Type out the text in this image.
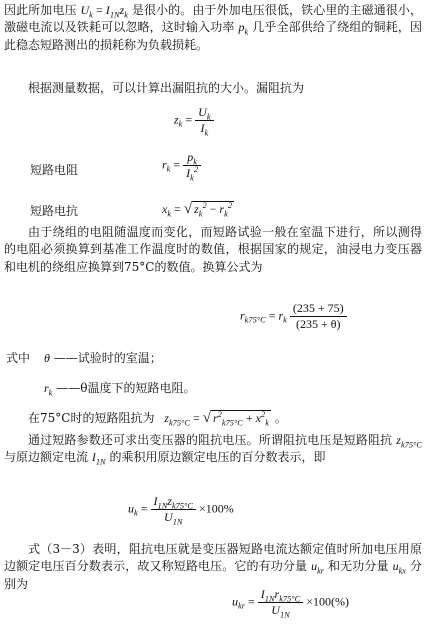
因此所加电压 $U_k = I_{1N}z_k$ 是很小的。由于外加电压很低，铁心里的主磁通很小，激磁电流以及铁耗可以忽略，这时输入功率 $p_k$ 几乎全部供给了绕组的铜耗，因此稳态短路测出的损耗称为负载损耗。

根据测量数据，可以计算出漏阻抗的大小。漏阻抗为

$z_k = \frac{U_k}{I_k}$
短路电阻	$r_k = \frac{p_k}{I_k^2}$
短路电抗	$x_k$ = √ $z_k^2 - r_k^2$

由于绕组的电阻随温度而变化，而短路试验一般在室温下进行，所以测得的电阻必须换算到基准工作温度时的数值，根据国家的规定，油浸电力变压器和电机的绕组应换算到75°C的数值。换算公式为

$r_{k75^\circ C} = r_k \frac{(235 + 75)}{(235 + \theta)}$
式中 θ ——试验时的室温；
$r_k$ ——θ温度下的短路电阻。
在75°C时的短路阻抗为 $z_{k75^\circ C}$ = √ $r^2_{k75^\circ C} + x^2_k$ 。

通过短路参数还可求出变压器的阻抗电压。所谓阻抗电压是短路阻抗 $z_{k75^\circ C}$ 与原边额定电流 $I_{1N}$ 的乘积用原边额定电压的百分数表示，即

$u_k = \frac{I_{1N}z_{k75^\circ C}}{U_{1N}} \times 100\%$

式（3－3）表明，阻抗电压就是变压器短路电流达额定值时所加电压用原边额定电压百分数表示，故又称短路电压。它的有功分量 $u_{kr}$ 和无功分量 $u_{kx}$ 分别为

$u_{kr} = \frac{I_{1N}r_{k75^\circ C}}{U_{1N}} \times 100(\%)$
